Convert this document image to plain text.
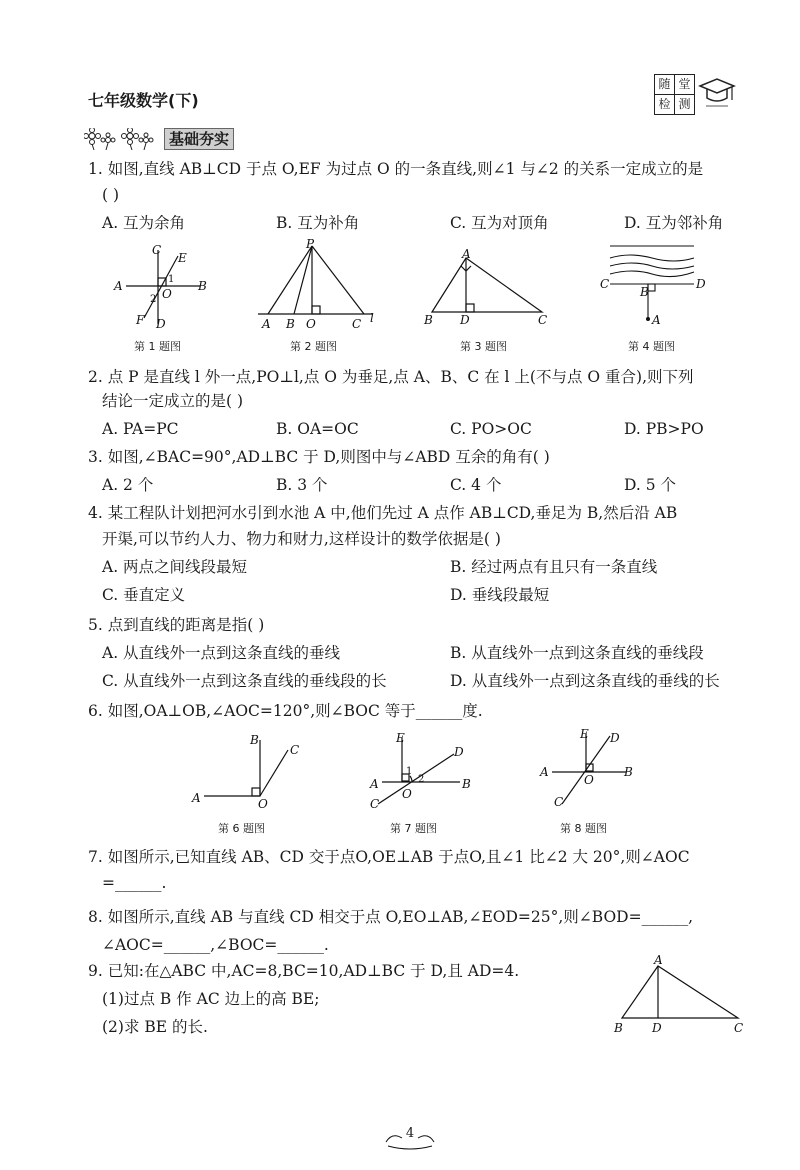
七年级数学(下)
随 堂
检 测
基础夯实
1. 如图,直线 AB⊥CD 于点 O,EF 为过点 O 的一条直线,则∠1 与∠2 的关系一定成立的是
( )
A. 互为余角	B. 互为补角	C. 互为对顶角	D. 互为邻补角
C
E
A	B
O
F D
1
2
第 1 题图
P
A B O	C l
第 2 题图
A
B D	C
第 3 题图
C
B
D
A
第 4 题图
2. 点 P 是直线 l 外一点,PO⊥l,点 O 为垂足,点 A、B、C 在 l 上(不与点 O 重合),则下列
结论一定成立的是( )
A. PA=PC	B. OA=OC	C. PO>OC	D. PB>PO
3. 如图,∠BAC=90°,AD⊥BC 于 D,则图中与∠ABD 互余的角有( )
A. 2 个	B. 3 个	C. 4 个	D. 5 个
4. 某工程队计划把河水引到水池 A 中,他们先过 A 点作 AB⊥CD,垂足为 B,然后沿 AB
开渠,可以节约人力、物力和财力,这样设计的数学依据是( )
A. 两点之间线段最短	B. 经过两点有且只有一条直线
C. 垂直定义	D. 垂线段最短
5. 点到直线的距离是指( )
A. 从直线外一点到这条直线的垂线	B. 从直线外一点到这条直线的垂线段
C. 从直线外一点到这条直线的垂线段的长	D. 从直线外一点到这条直线的垂线的长
6. 如图,OA⊥OB,∠AOC=120°,则∠BOC 等于______度.
B
C
A	O
第 6 题图
E
D
A	B
C
O
1
2
第 7 题图
E D
A	B
C
O
第 8 题图
7. 如图所示,已知直线 AB、CD 交于点O,OE⊥AB 于点O,且∠1 比∠2 大 20°,则∠AOC
=______.
8. 如图所示,直线 AB 与直线 CD 相交于点 O,EO⊥AB,∠EOD=25°,则∠BOD=______,
∠AOC=______,∠BOC=______.
9. 已知:在△ABC 中,AC=8,BC=10,AD⊥BC 于 D,且 AD=4.
(1)过点 B 作 AC 边上的高 BE;
(2)求 BE 的长.
A
B D	C
4
